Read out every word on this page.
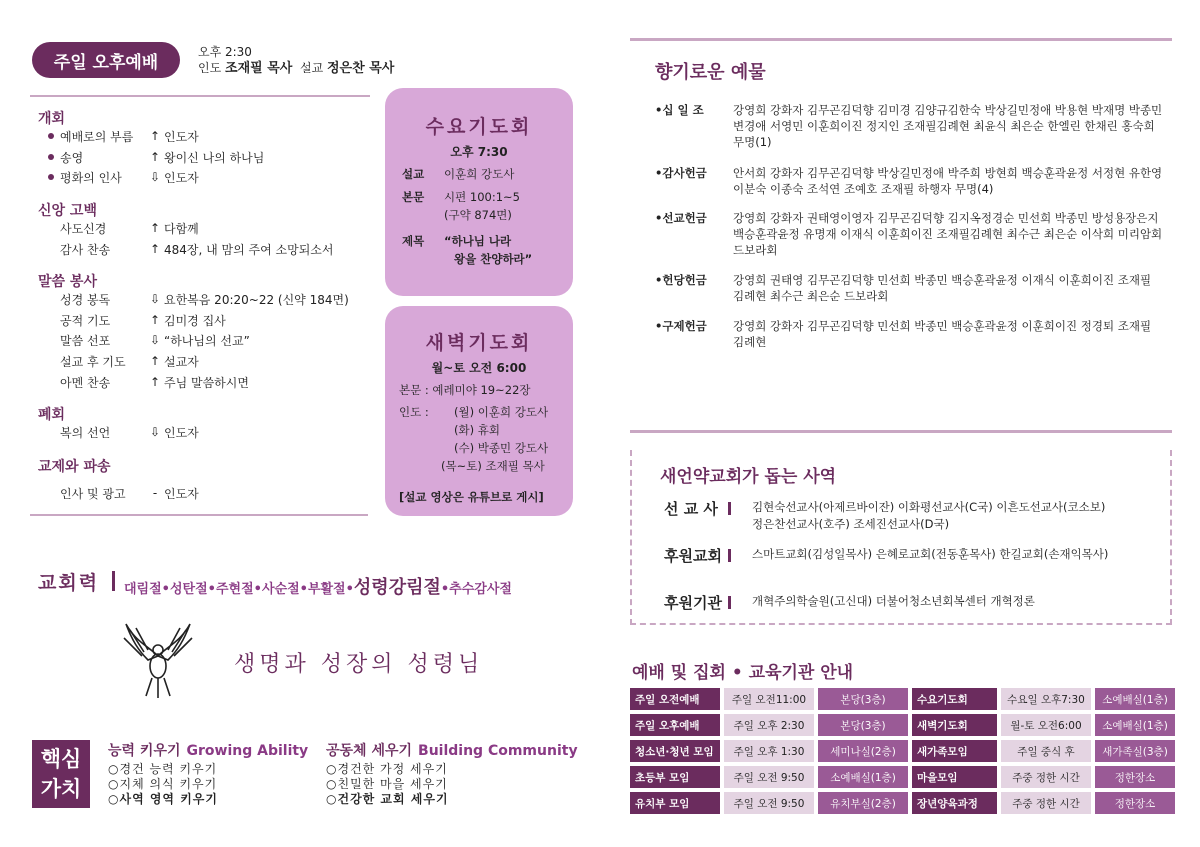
주일 오후예배
오후 2:30
인도 조재필 목사 설교 정은찬 목사
개회
예배로의 부름	↑ 인도자
송영	↑ 왕이신 나의 하나님
평화의 인사	⇩ 인도자
신앙 고백
사도신경	↑ 다함께
감사 찬송	↑ 484장, 내 맘의 주여 소망되소서
말씀 봉사
성경 봉독	⇩ 요한복음 20:20~22 (신약 184면)
공적 기도	↑ 김미경 집사
말씀 선포	⇩ “하나님의 선교”
설교 후 기도	↑ 설교자
아멘 찬송	↑ 주님 말씀하시면
폐회
복의 선언	⇩ 인도자
교제와 파송
인사 및 광고	- 인도자
수요기도회
오후 7:30
설교	이훈희 강도사
본문	시편 100:1~5
(구약 874면)
제목	“하나님 나라
왕을 찬양하라”
새벽기도회
월~토 오전 6:00
본문 : 예레미야 19~22장
인도 :	(월) 이훈희 강도사
(화) 휴회
(수) 박종민 강도사
(목~토) 조재필 목사
[설교 영상은 유튜브로 게시]
교회력 대림절•성탄절•주현절•사순절•부활절•성령강림절•추수감사절
생명과 성장의 성령님
핵심
가치
능력 키우기 Growing Ability
○경건 능력 키우기
○지체 의식 키우기
○사역 영역 키우기
공동체 세우기 Building Community
○경건한 가정 세우기
○친밀한 마을 세우기
○건강한 교회 세우기
향기로운 예물
•십 일 조	강영희 강화자 김무곤김덕향 김미경 김양규김한숙 박상길민정애 박용현 박재명 박종민 변경애 서영민 이훈희이진 정지인 조재필김례현 최윤식 최은순 한엘린 한채린 홍숙희 무명(1)
•감사헌금 안서희 강화자 김무곤김덕향 박상길민정애 박주희 방현희 백승훈곽윤정 서정현 유한영 이분숙 이종숙 조석연 조예호 조재필 하행자 무명(4)
•선교헌금 강영희 강화자 권태영이영자 김무곤김덕향 김지옥정경순 민선희 박종민 방성용장은지 백승훈곽윤정 유명재 이재식 이훈희이진 조재필김례현 최수근 최은순 이삭희 미리암회 드보라회
•헌당헌금 강영희 권태영 김무곤김덕향 민선희 박종민 백승훈곽윤정 이재식 이훈희이진 조재필 김례현 최수근 최은순 드보라회
•구제헌금 강영희 강화자 김무곤김덕향 민선희 박종민 백승훈곽윤정 이훈희이진 정경퇴 조재필 김례현
새언약교회가 돕는 사역
선 교 사	김현숙선교사(아제르바이잔) 이화평선교사(C국) 이흔도선교사(코소보)
정은찬선교사(호주) 조세진선교사(D국)
후원교회	스마트교회(김성일목사) 은혜로교회(전동훈목사) 한길교회(손재익목사)
후원기관	개혁주의학술원(고신대) 더불어청소년회복센터 개혁정론
예배 및 집회 • 교육기관 안내
주일 오전예배	주일 오전11:00	본당(3층)	수요기도회	수요일 오후7:30	소예배실(1층)
주일 오후예배	주일 오후 2:30	본당(3층)	새벽기도회	월-토 오전6:00	소예배실(1층)
청소년·청년 모임	주일 오후 1:30	세미나실(2층)	새가족모임	주일 중식 후	새가족실(3층)
초등부 모임	주일 오전 9:50	소예배실(1층)	마을모임	주중 정한 시간	정한장소
유치부 모임	주일 오전 9:50	유치부실(2층)	장년양육과정	주중 정한 시간	정한장소
